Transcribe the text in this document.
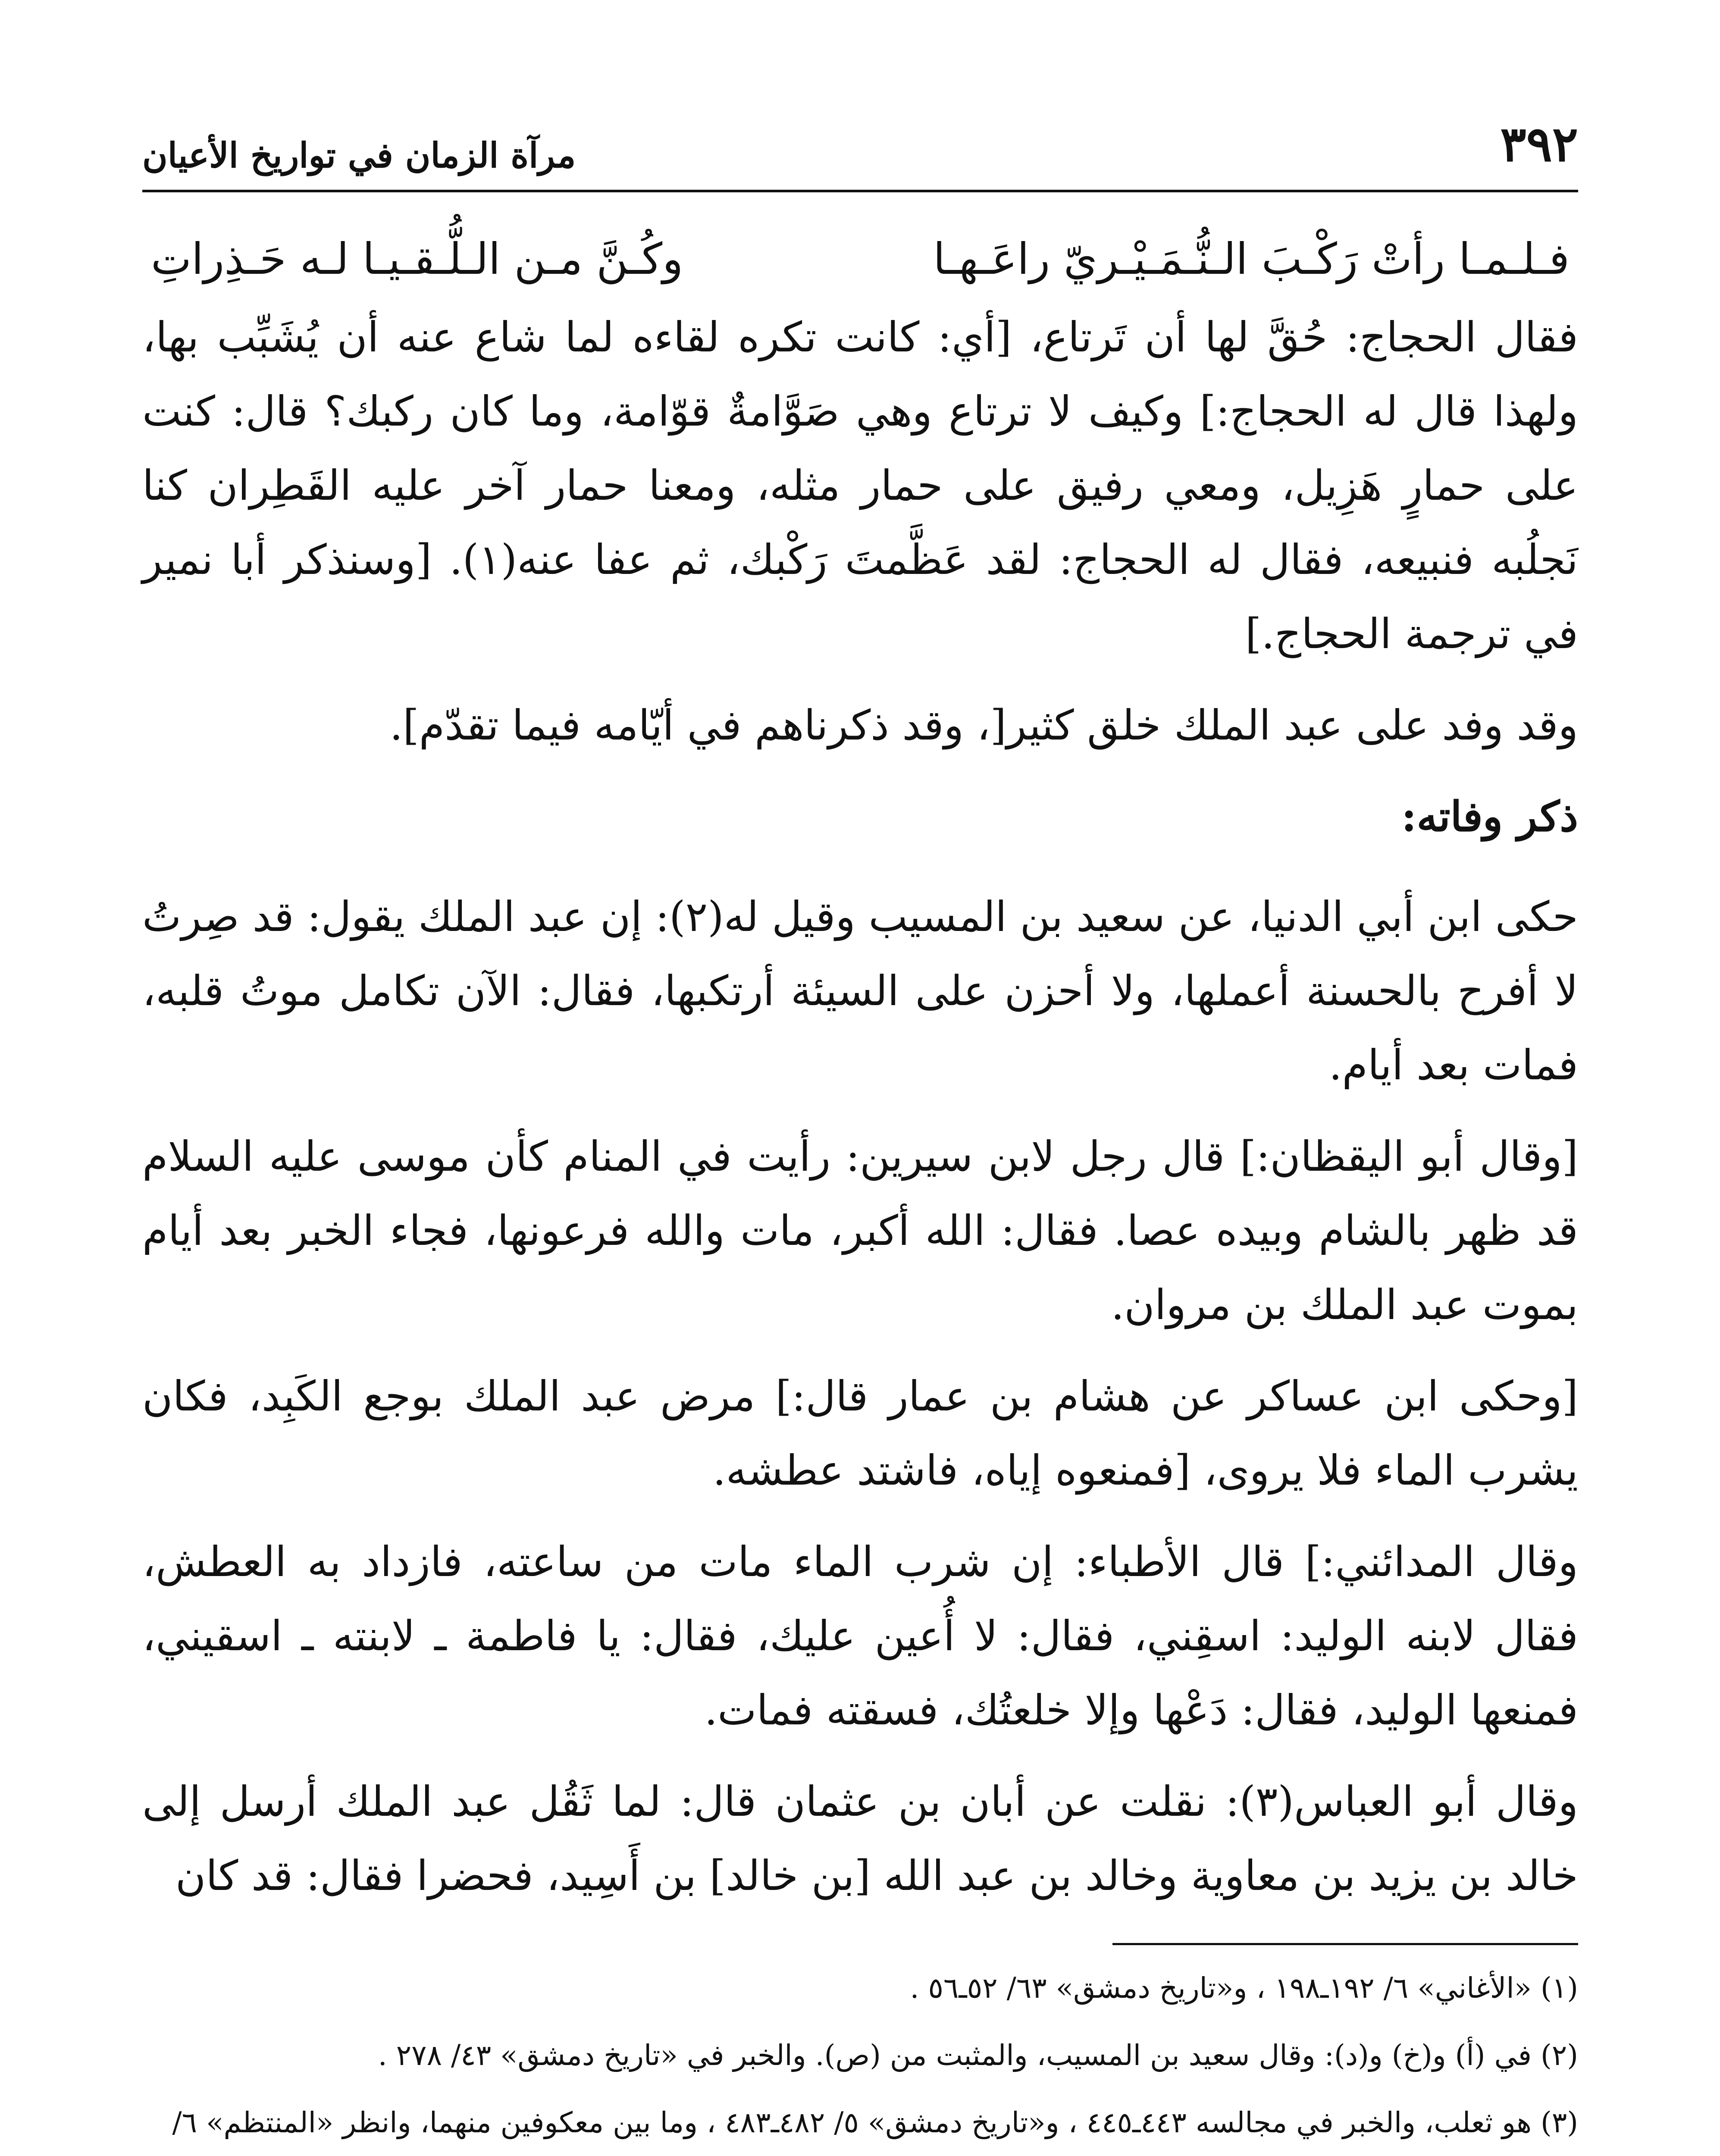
٣٩٢
مرآة الزمان في تواريخ الأعيان
فـلـمـا رأتْ رَكْـبَ الـنُّـمَـيْـريّ راعَـهـا
وكُـنَّ مـن الـلُّـقـيـا لـه حَـذِراتِ

فقال الحجاج: حُقَّ لها أن تَرتاع، [أي: كانت تكره لقاءه لما شاع عنه أن يُشَبِّب بها، ولهذا قال له الحجاج:] وكيف لا ترتاع وهي صَوَّامةٌ قوّامة، وما كان ركبك؟ قال: كنت على حمارٍ هَزِيل، ومعي رفيق على حمار مثله، ومعنا حمار آخر عليه القَطِران كنا نَجلُبه فنبيعه، فقال له الحجاج: لقد عَظَّمتَ رَكْبك، ثم عفا عنه(١). [وسنذكر أبا نمير في ترجمة الحجاج.]

وقد وفد على عبد الملك خلق كثير[، وقد ذكرناهم في أيّامه فيما تقدّم].

ذكر وفاته:

حكى ابن أبي الدنيا، عن سعيد بن المسيب وقيل له(٢): إن عبد الملك يقول: قد صِرتُ لا أفرح بالحسنة أعملها، ولا أحزن على السيئة أرتكبها، فقال: الآن تكامل موتُ قلبه، فمات بعد أيام.

[وقال أبو اليقظان:] قال رجل لابن سيرين: رأيت في المنام كأن موسى عليه السلام قد ظهر بالشام وبيده عصا. فقال: الله أكبر، مات والله فرعونها، فجاء الخبر بعد أيام بموت عبد الملك بن مروان.

[وحكى ابن عساكر عن هشام بن عمار قال:] مرض عبد الملك بوجع الكَبِد، فكان يشرب الماء فلا يروى، [فمنعوه إياه، فاشتد عطشه.

وقال المدائني:] قال الأطباء: إن شرب الماء مات من ساعته، فازداد به العطش، فقال لابنه الوليد: اسقِني، فقال: لا أُعين عليك، فقال: يا فاطمة ـ لابنته ـ اسقيني، فمنعها الوليد، فقال: دَعْها وإلا خلعتُك، فسقته فمات.

وقال أبو العباس(٣): نقلت عن أبان بن عثمان قال: لما ثَقُل عبد الملك أرسل إلى خالد بن يزيد بن معاوية وخالد بن عبد الله [بن خالد] بن أَسِيد، فحضرا فقال: قد كان

(١) «الأغاني» ٦/ ١٩٢ـ١٩٨ ، و«تاريخ دمشق» ٦٣/ ٥٢ـ٥٦ .

(٢) في (أ) و(خ) و(د): وقال سعيد بن المسيب، والمثبت من (ص). والخبر في «تاريخ دمشق» ٤٣/ ٢٧٨ .

(٣) هو ثعلب، والخبر في مجالسه ٤٤٣ـ٤٤٥ ، و«تاريخ دمشق» ٥/ ٤٨٢ـ٤٨٣ ، وما بين معكوفين منهما، وانظر «المنتظم» ٦/
